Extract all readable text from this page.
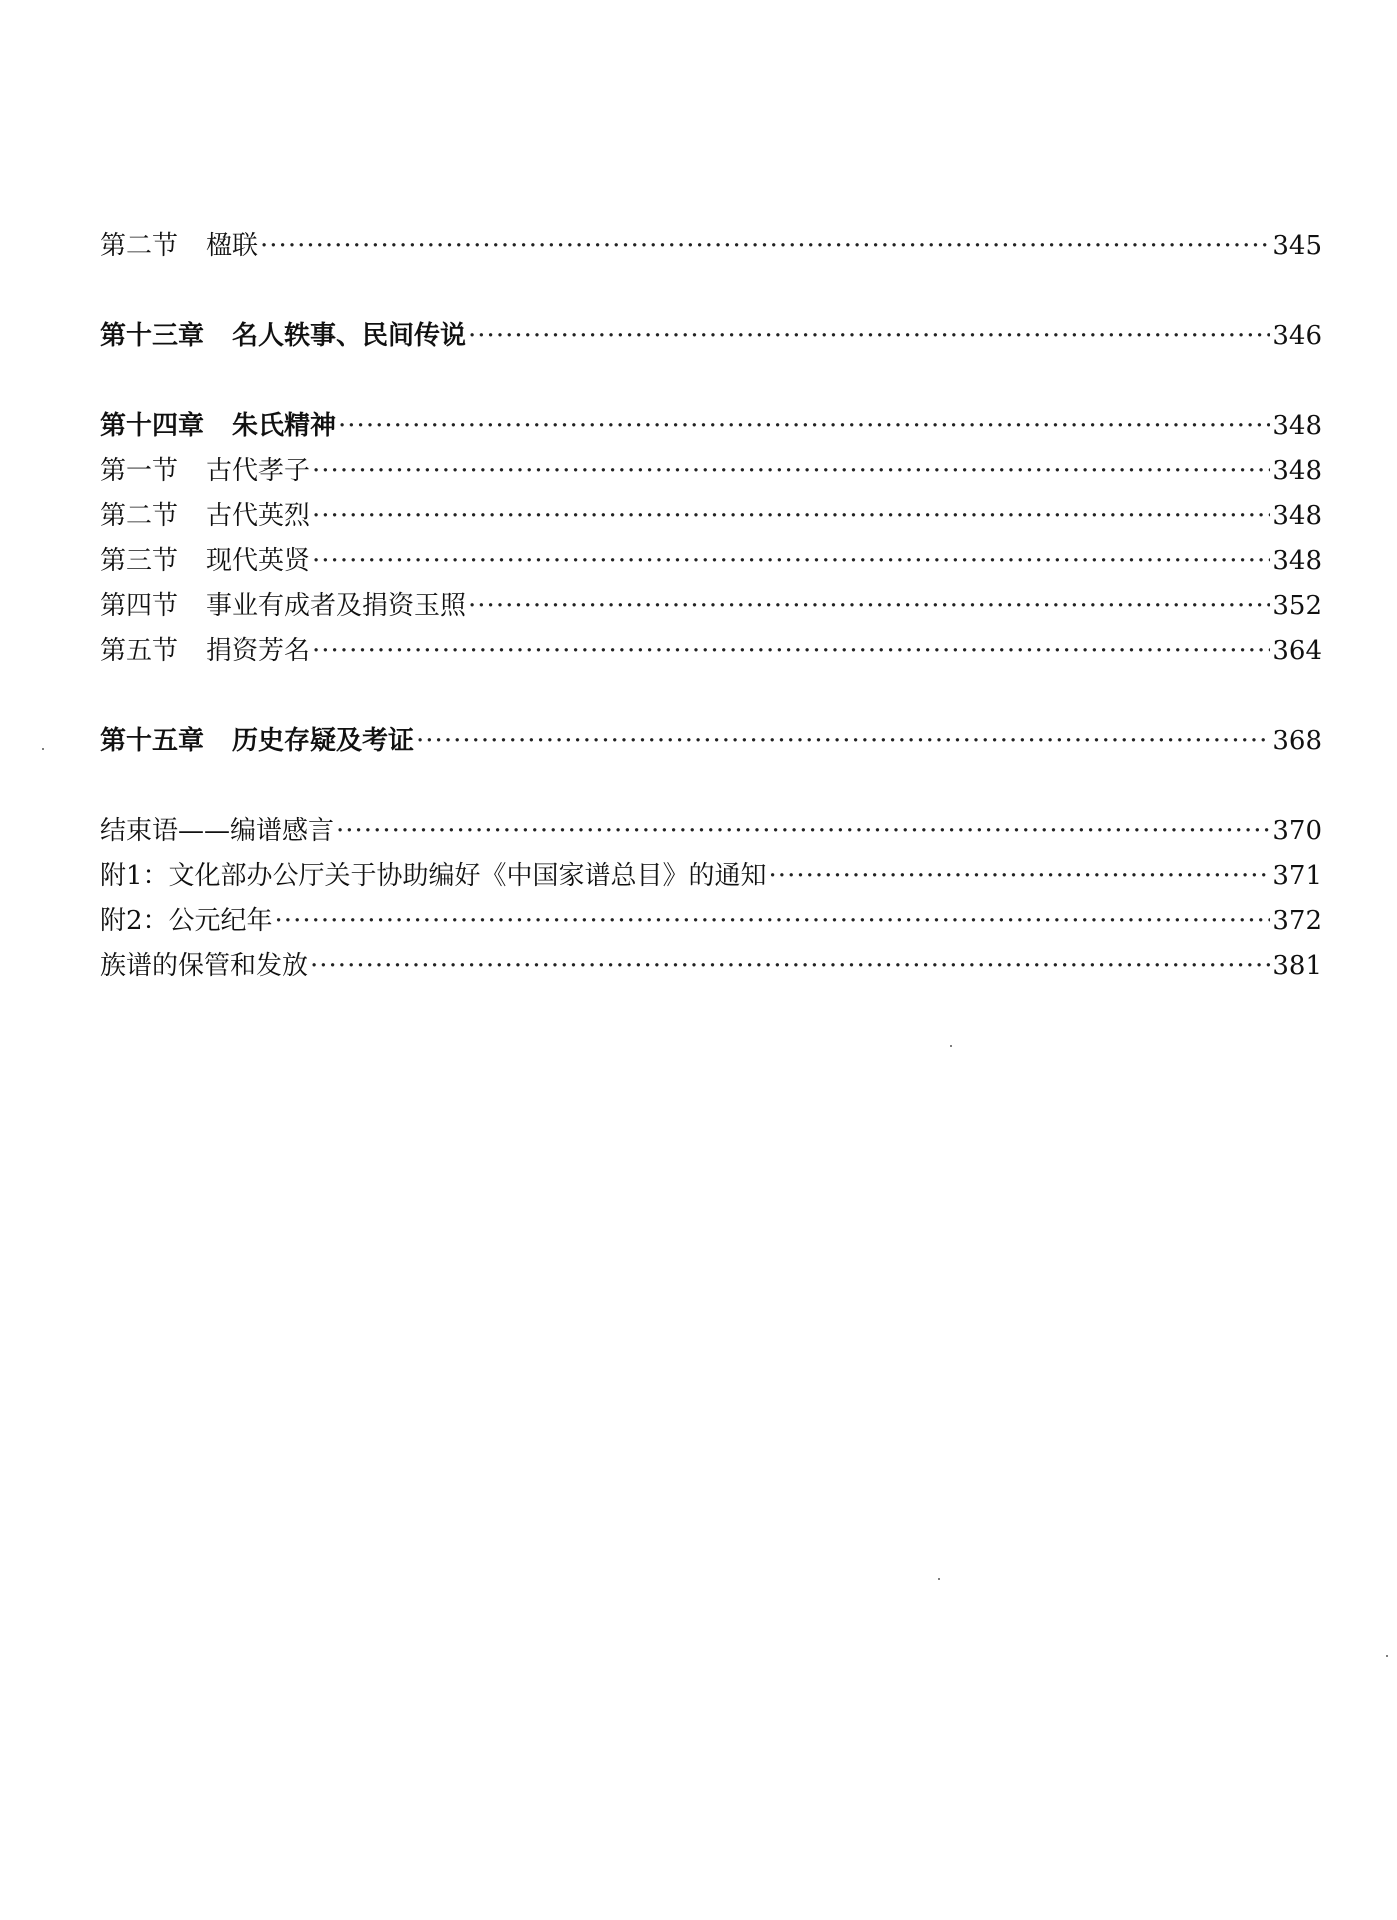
第二节 楹联 ·····	345
第十三章 名人轶事、民间传说 ·····	346
第十四章 朱氏精神 ·····	348
第一节 古代孝子 ·····	348
第二节 古代英烈 ·····	348
第三节 现代英贤 ·····	348
第四节 事业有成者及捐资玉照 ·····	352
第五节 捐资芳名 ·····	364
第十五章 历史存疑及考证 ·····	368
结束语——编谱感言 ·····	370
附1：文化部办公厅关于协助编好《中国家谱总目》的通知 ·····	371
附2：公元纪年 ·····	372
族谱的保管和发放 ·····	381
